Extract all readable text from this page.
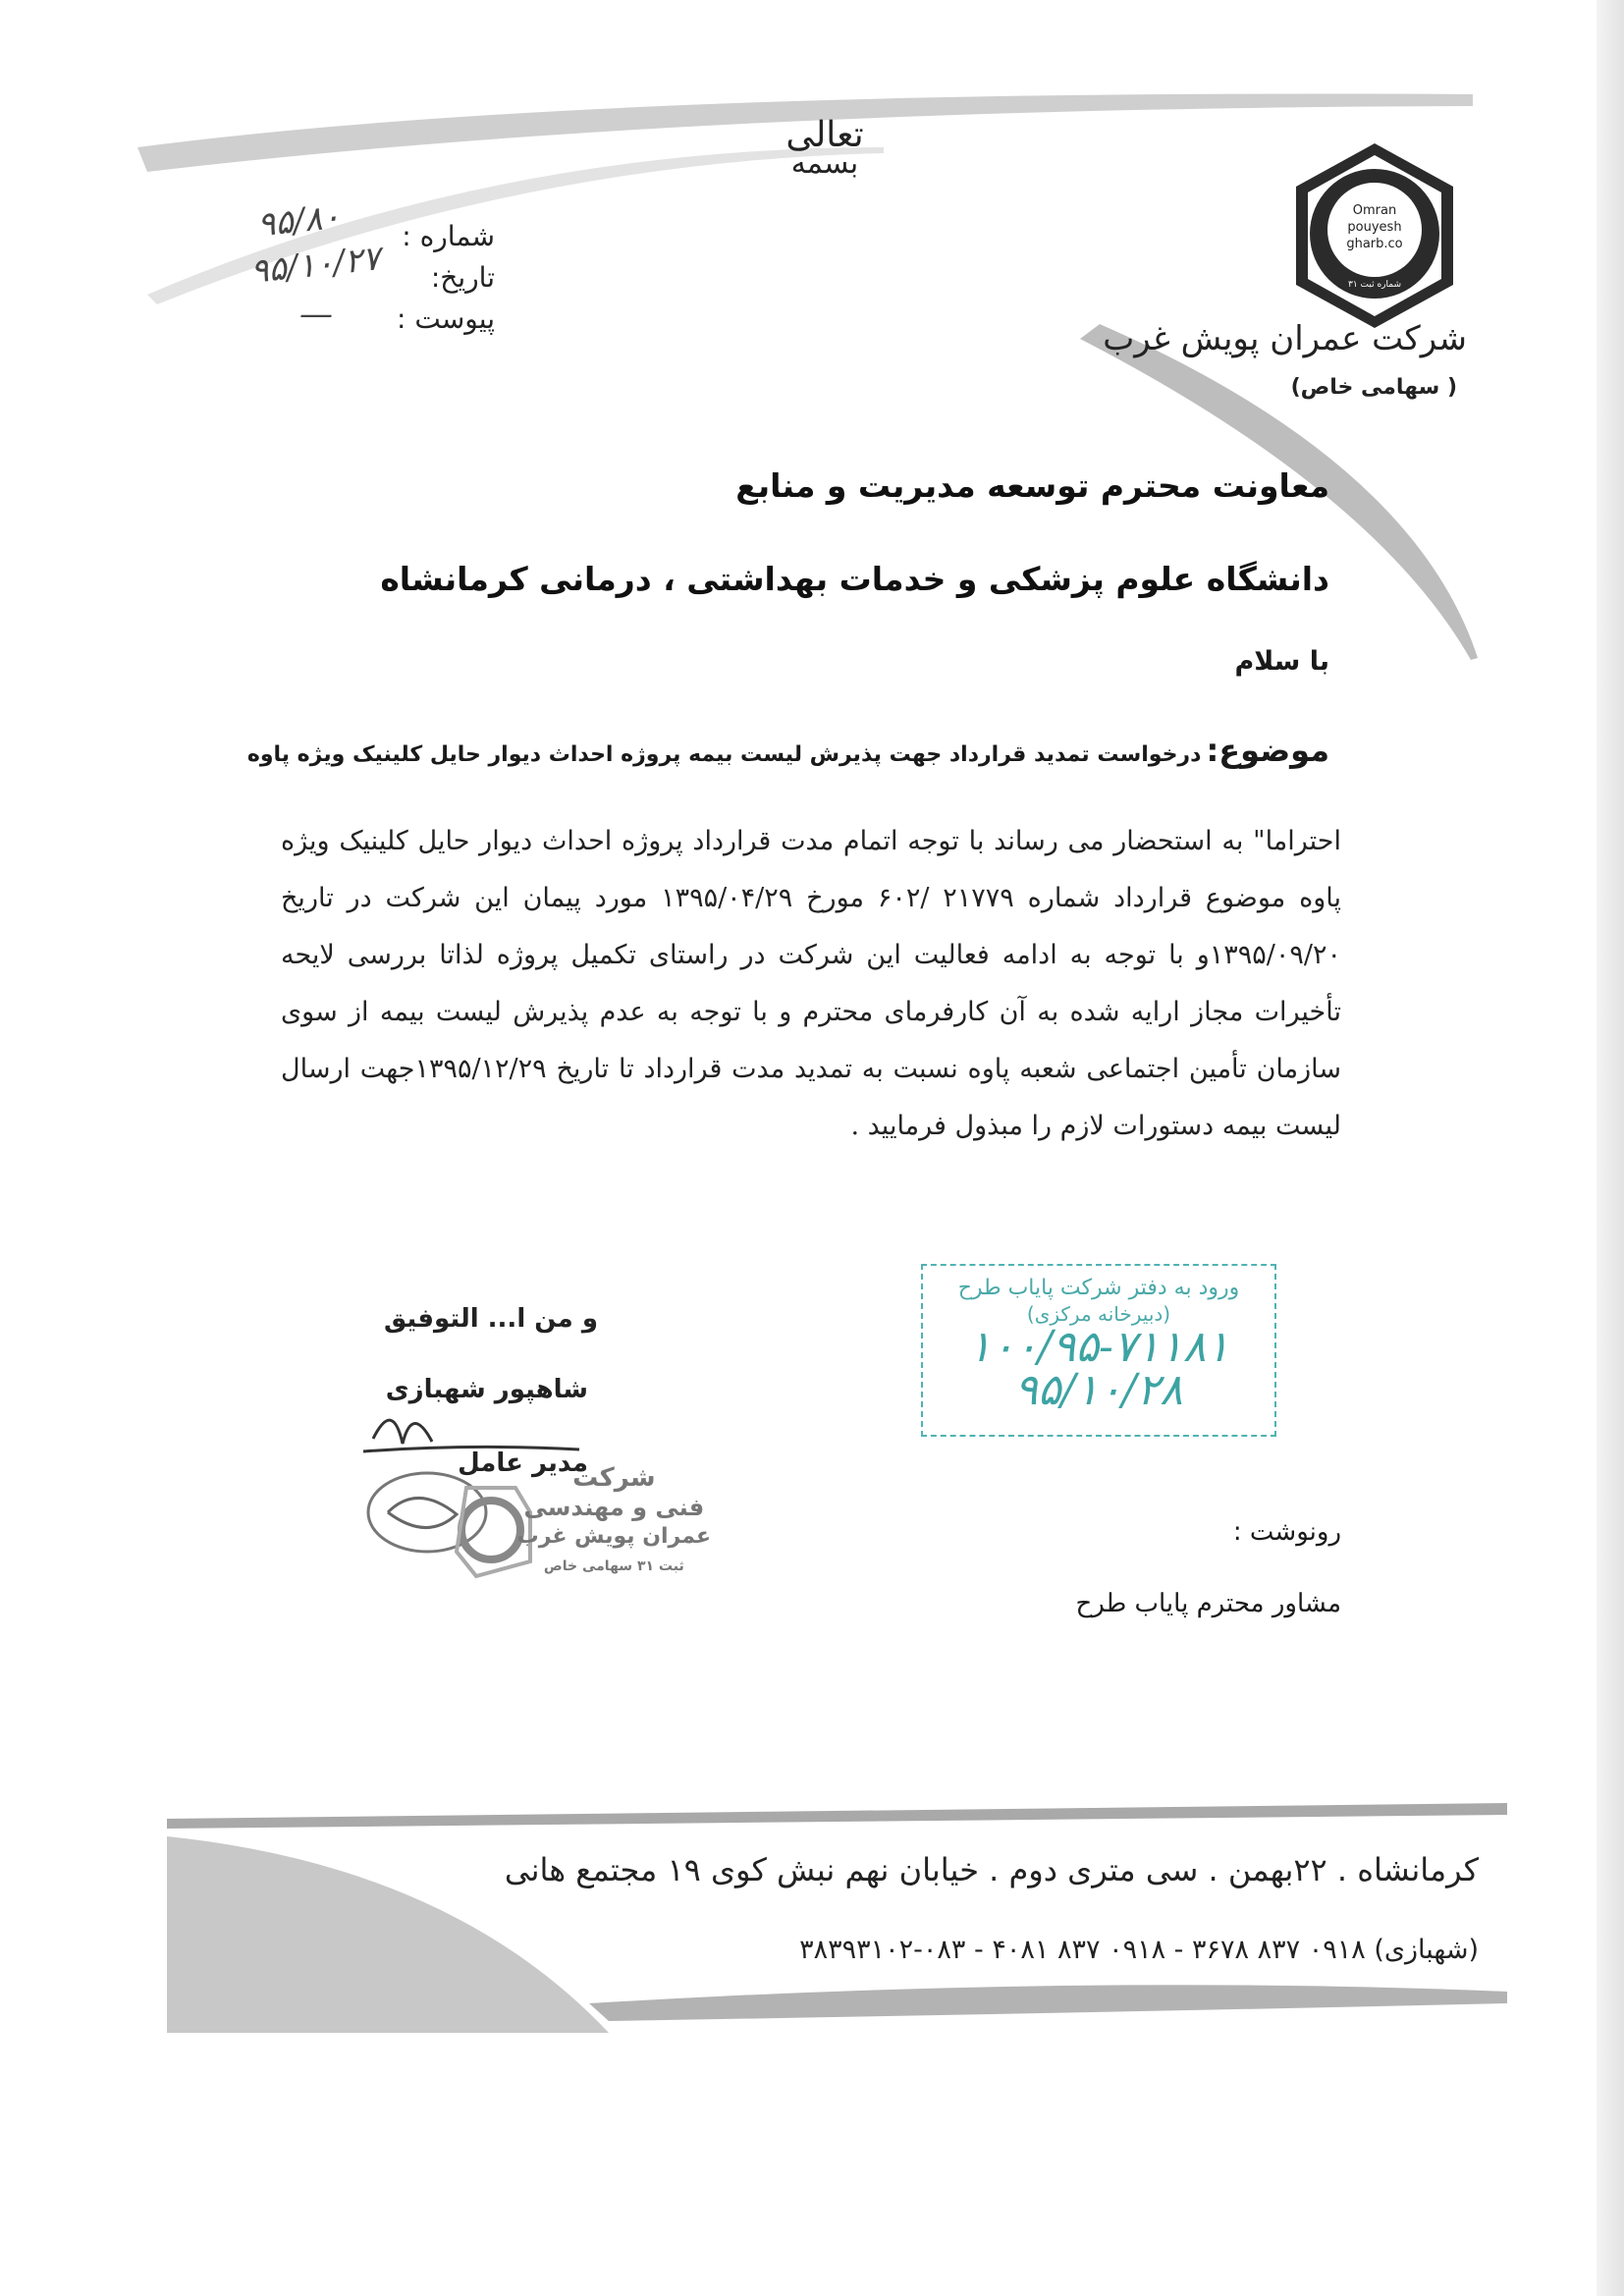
تعالی
بسمه
شماره :
تاریخ:
پیوست :
۹۵/۸۰
۹۵/۱۰/۲۷
—
Omran
pouyesh
gharb.co
شماره ثبت ۳۱
شرکت عمران پویش غرب
( سهامی خاص)
معاونت محترم توسعه مدیریت و منابع
دانشگاه علوم پزشکی و خدمات بهداشتی ، درمانی کرمانشاه
با سلام
موضوع: درخواست تمدید قرارداد جهت پذیرش لیست بیمه پروژه احداث دیوار حایل کلینیک ویژه پاوه

احتراما" به استحضار می رساند با توجه اتمام مدت قرارداد پروژه احداث دیوار حایل کلینیک ویژه پاوه موضوع قرارداد شماره ۲۱۷۷۹ /۶۰۲ مورخ ۱۳۹۵/۰۴/۲۹ مورد پیمان این شرکت در تاریخ ۱۳۹۵/۰۹/۲۰و با توجه به ادامه فعالیت این شرکت در راستای تکمیل پروژه لذاتا بررسی لایحه تأخیرات مجاز ارایه شده به آن کارفرمای محترم و با توجه به عدم پذیرش لیست بیمه از سوی سازمان تأمین اجتماعی شعبه پاوه نسبت به تمدید مدت قرارداد تا تاریخ ۱۳۹۵/۱۲/۲۹جهت ارسال لیست بیمه دستورات لازم را مبذول فرمایید .

و من ا... التوفیق
شاهپور شهبازی
مدیر عامل
شرکت
فنی و مهندسی
عمران پویش غرب
ثبت ۳۱ سهامی خاص
ورود به دفتر شرکت پایاب طرح
(دبیرخانه مرکزی)
۱۰۰/۹۵-۷۱۱۸۱
۹۵/۱۰/۲۸
رونوشت :
مشاور محترم پایاب طرح
کرمانشاه . ۲۲بهمن . سی متری دوم . خیابان نهم نبش کوی ۱۹ مجتمع هانی
(شهبازی) ۰۹۱۸ ۸۳۷ ۳۶۷۸ - ۰۹۱۸ ۸۳۷ ۴۰۸۱ - ۰۸۳-۳۸۳۹۳۱۰۲
